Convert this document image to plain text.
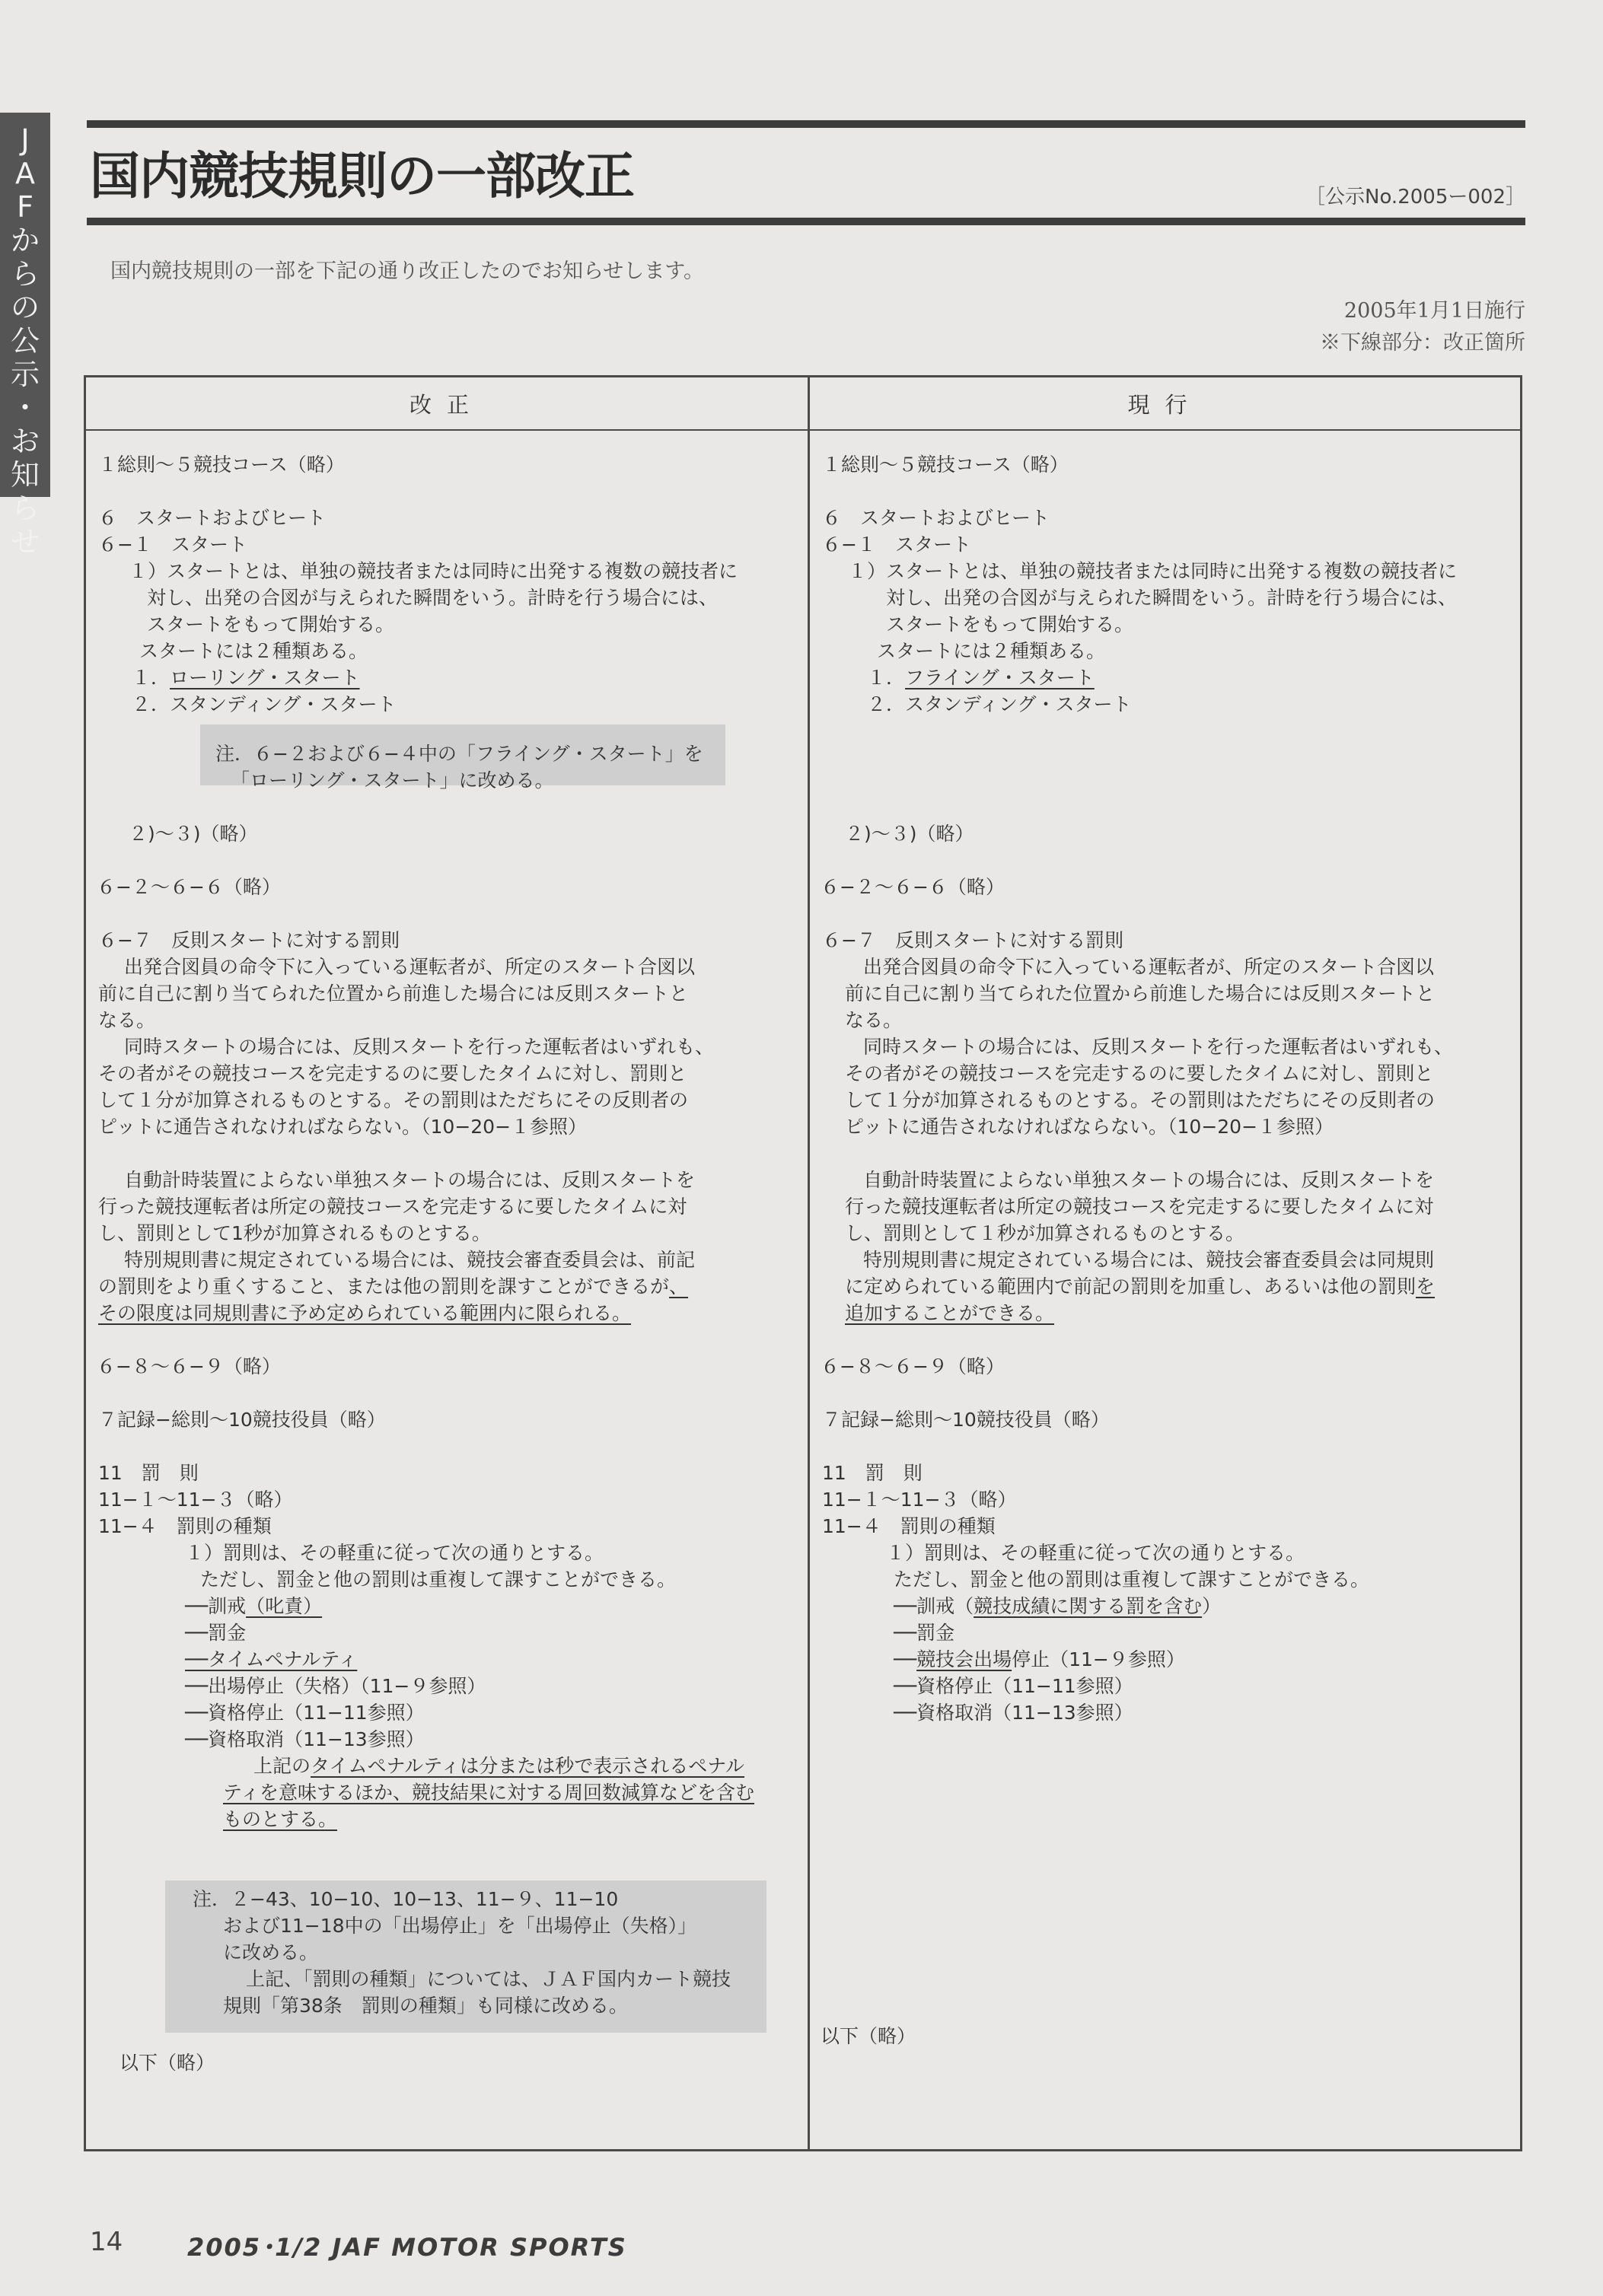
J
A
F
か
ら
の
公
示
・
お
知
ら
せ
国内競技規則の一部改正	［公示No.2005ー002］
国内競技規則の一部を下記の通り改正したのでお知らせします。
2005年1月1日施行
※下線部分：改正箇所
改正	現行
１総則〜５競技コース（略）
６　スタートおよびヒート
６−１　スタート
１）スタートとは、単独の競技者または同時に出発する複数の競技者に
対し、出発の合図が与えられた瞬間をいう。計時を行う場合には、
スタートをもって開始する。
スタートには２種類ある。
１．ローリング・スタート
２．スタンディング・スタート
注．６−２および６−４中の「フライング・スタート」を
「ローリング・スタート」に改める。
２)〜３)（略）
６−２〜６−６（略）
６−７　反則スタートに対する罰則
出発合図員の命令下に入っている運転者が、所定のスタート合図以
前に自己に割り当てられた位置から前進した場合には反則スタートと
なる。
同時スタートの場合には、反則スタートを行った運転者はいずれも、
その者がその競技コースを完走するのに要したタイムに対し、罰則と
して１分が加算されるものとする。その罰則はただちにその反則者の
ピットに通告されなければならない。（10−20−１参照）
自動計時装置によらない単独スタートの場合には、反則スタートを
行った競技運転者は所定の競技コースを完走するに要したタイムに対
し、罰則として1秒が加算されるものとする。
特別規則書に規定されている場合には、競技会審査委員会は、前記
の罰則をより重くすること、または他の罰則を課すことができるが、
その限度は同規則書に予め定められている範囲内に限られる。
６−８〜６−９（略）
７記録−総則〜10競技役員（略）
11　罰　則
11−１〜11−３（略）
11−４　罰則の種類
１）罰則は、その軽重に従って次の通りとする。
ただし、罰金と他の罰則は重複して課すことができる。
──訓戒（叱責）
──罰金
──タイムペナルティ
──出場停止（失格）（11−９参照）
──資格停止（11−11参照）
──資格取消（11−13参照）
上記のタイムペナルティは分または秒で表示されるペナル
ティを意味するほか、競技結果に対する周回数減算などを含む
ものとする。
注．２−43、10−10、10−13、11−９、11−10
および11−18中の「出場停止」を「出場停止（失格）」
に改める。
上記、「罰則の種類」については、ＪＡＦ国内カート競技
規則「第38条　罰則の種類」も同様に改める。
以下（略）
１総則〜５競技コース（略）
６　スタートおよびヒート
６−１　スタート
１）スタートとは、単独の競技者または同時に出発する複数の競技者に
対し、出発の合図が与えられた瞬間をいう。計時を行う場合には、
スタートをもって開始する。
スタートには２種類ある。
１．フライング・スタート
２．スタンディング・スタート
２)〜３)（略）
６−２〜６−６（略）
６−７　反則スタートに対する罰則
出発合図員の命令下に入っている運転者が、所定のスタート合図以
前に自己に割り当てられた位置から前進した場合には反則スタートと
なる。
同時スタートの場合には、反則スタートを行った運転者はいずれも、
その者がその競技コースを完走するのに要したタイムに対し、罰則と
して１分が加算されるものとする。その罰則はただちにその反則者の
ピットに通告されなければならない。（10−20−１参照）
自動計時装置によらない単独スタートの場合には、反則スタートを
行った競技運転者は所定の競技コースを完走するに要したタイムに対
し、罰則として１秒が加算されるものとする。
特別規則書に規定されている場合には、競技会審査委員会は同規則
に定められている範囲内で前記の罰則を加重し、あるいは他の罰則を
追加することができる。
６−８〜６−９（略）
７記録−総則〜10競技役員（略）
11　罰　則
11−１〜11−３（略）
11−４　罰則の種類
１）罰則は、その軽重に従って次の通りとする。
ただし、罰金と他の罰則は重複して課すことができる。
──訓戒（競技成績に関する罰を含む）
──罰金
──競技会出場停止（11−９参照）
──資格停止（11−11参照）
──資格取消（11−13参照）
以下（略）
14	2005･1/2 JAF MOTOR SPORTS
